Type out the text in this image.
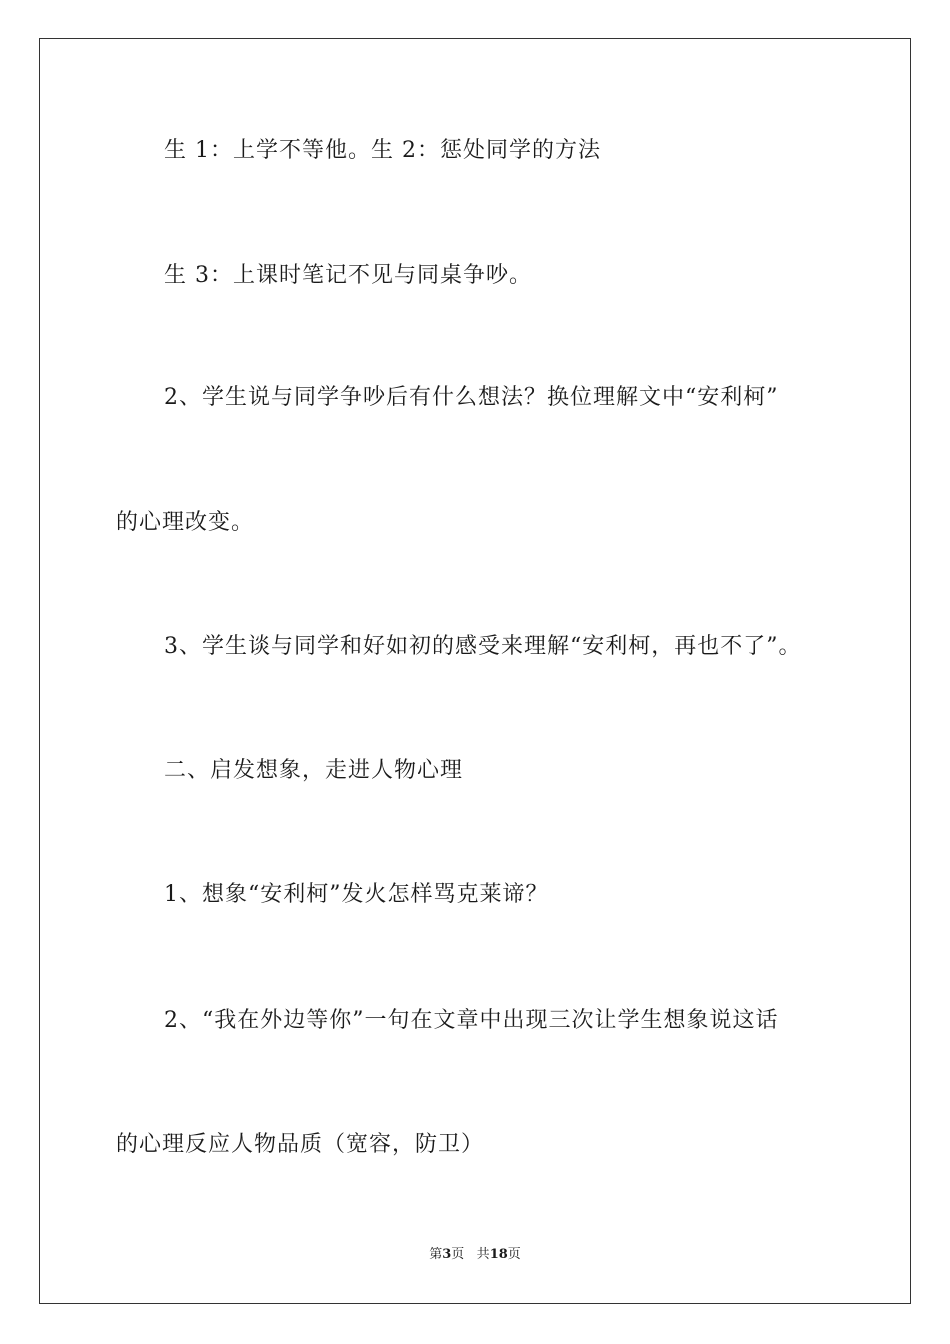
生 1：上学不等他。生 2：惩处同学的方法
生 3：上课时笔记不见与同桌争吵。
2、学生说与同学争吵后有什么想法？换位理解文中“安利柯”
的心理改变。
3、学生谈与同学和好如初的感受来理解“安利柯，再也不了”。
二、启发想象，走进人物心理
1、想象“安利柯”发火怎样骂克莱谛？
2、“我在外边等你”一句在文章中出现三次让学生想象说这话
的心理反应人物品质（宽容，防卫）
第3页 共18页
